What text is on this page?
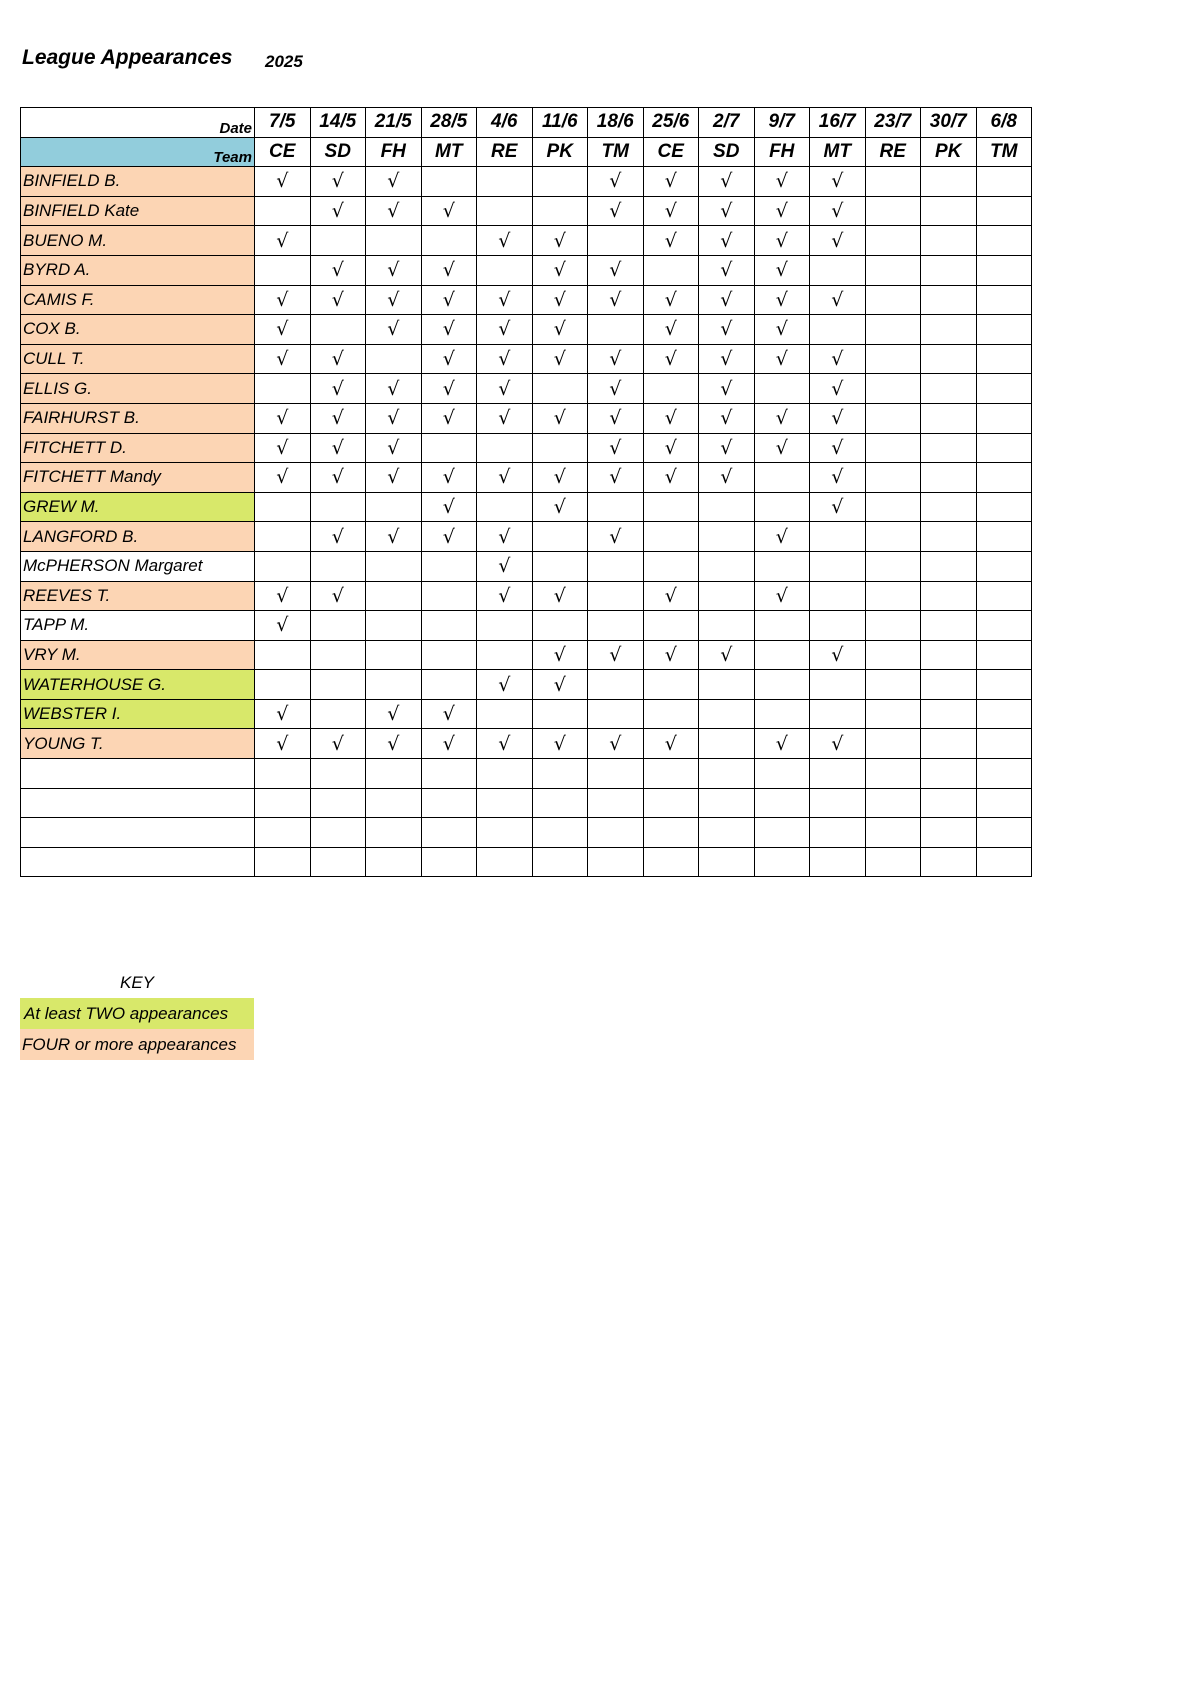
League Appearances 2025
Date	7/5	14/5	21/5	28/5	4/6	11/6	18/6	25/6	2/7	9/7	16/7	23/7	30/7	6/8
Team	CE	SD	FH	MT	RE	PK	TM	CE	SD	FH	MT	RE	PK	TM
BINFIELD B.	√	√	√				√	√	√	√	√			
BINFIELD Kate		√	√	√			√	√	√	√	√			
BUENO M.	√				√	√		√	√	√	√			
BYRD A.		√	√	√		√	√		√	√				
CAMIS F.	√	√	√	√	√	√	√	√	√	√	√			
COX B.	√		√	√	√	√		√	√	√				
CULL T.	√	√		√	√	√	√	√	√	√	√			
ELLIS G.		√	√	√	√		√		√		√			
FAIRHURST B.	√	√	√	√	√	√	√	√	√	√	√			
FITCHETT D.	√	√	√				√	√	√	√	√			
FITCHETT Mandy	√	√	√	√	√	√	√	√	√		√			
GREW M.				√		√					√			
LANGFORD B.		√	√	√	√		√			√				
McPHERSON Margaret					√									
REEVES T.	√	√			√	√		√		√				
TAPP M.	√													
VRY M.						√	√	√	√		√			
WATERHOUSE G.					√	√								
WEBSTER I.	√		√	√										
YOUNG T.	√	√	√	√	√	√	√	√		√	√			

KEY
At least TWO appearances
FOUR or more appearances
